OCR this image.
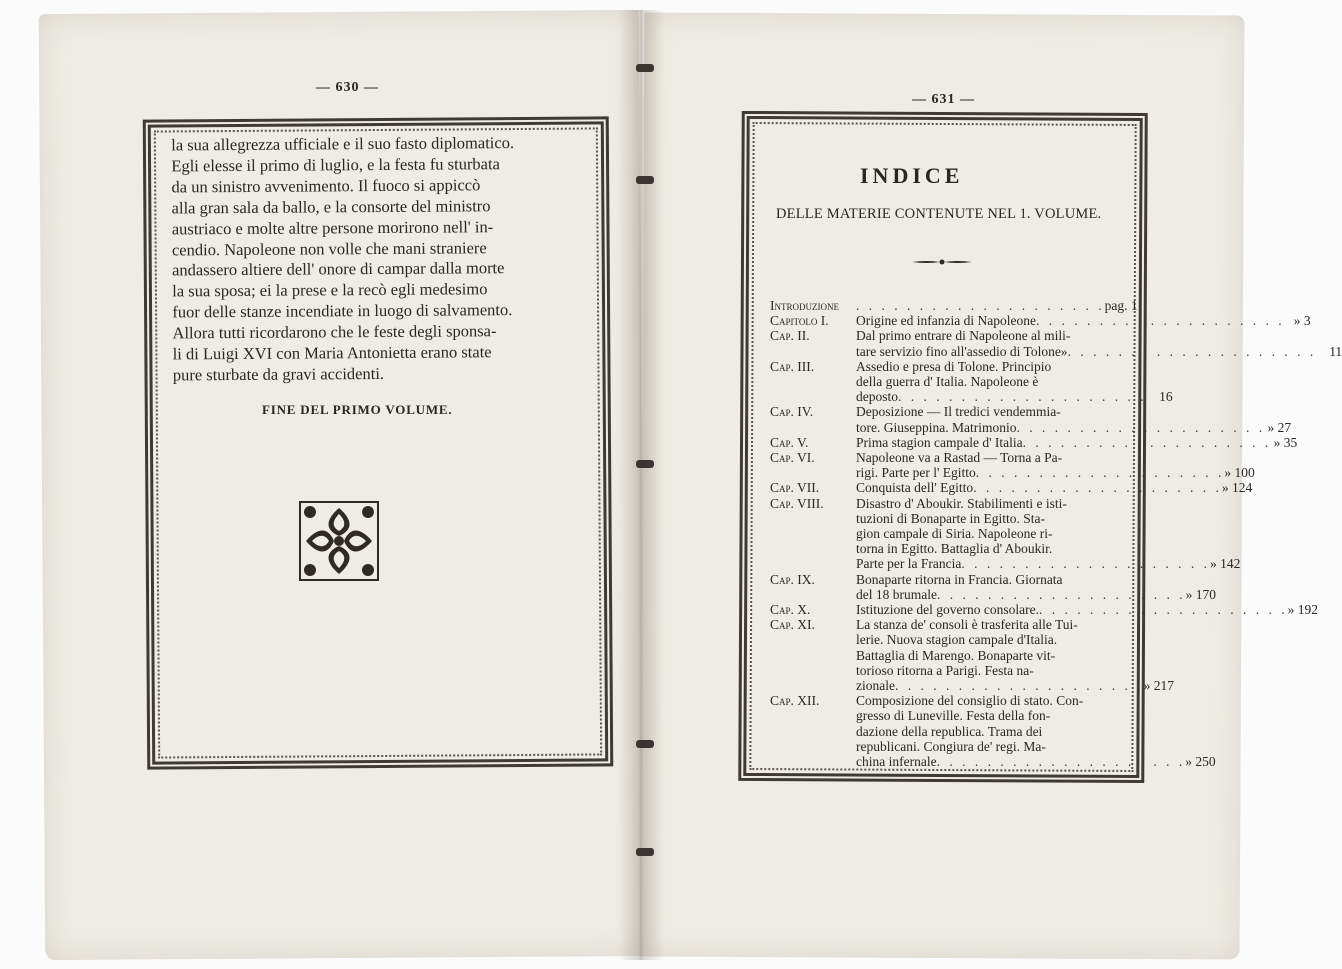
— 630 —
la sua allegrezza ufficiale e il suo fasto diplomatico.
Egli elesse il primo di luglio, e la festa fu sturbata
da un sinistro avvenimento. Il fuoco si appiccò
alla gran sala da ballo, e la consorte del ministro
austriaco e molte altre persone morirono nell' in-
cendio. Napoleone non volle che mani straniere
andassero altiere dell' onore di campar dalla morte
la sua sposa; ei la prese e la recò egli medesimo
fuor delle stanze incendiate in luogo di salvamento.
Allora tutti ricordarono che le feste degli sponsa-
li di Luigi XVI con Maria Antonietta erano state
pure sturbate da gravi accidenti.
FINE DEL PRIMO VOLUME.
— 631 —
INDICE
DELLE MATERIE CONTENUTE NEL 1. VOLUME.
Introduzione	. . . . . . . . . . . . . . . . . . . . pag. 1
Capitolo I.	Origine ed infanzia di Napoleone . . . . . . . . . . . . . . . . . . . . » 3
Cap. II.	Dal primo entrare di Napoleone al mili-
tare servizio fino all'assedio di Tolone» . . . . . . . . . . . . . . . . . . . . 11
Cap. III.	Assedio e presa di Tolone. Principio
della guerra d' Italia. Napoleone è
deposto . . . . . . . . . . . . . . . . . . . . 16
Cap. IV.	Deposizione — Il tredici vendemmia-
tore. Giuseppina. Matrimonio . . . . . . . . . . . . . . . . . . . . » 27
Cap. V.	Prima stagion campale d' Italia . . . . . . . . . . . . . . . . . . . . » 35
Cap. VI.	Napoleone va a Rastad — Torna a Pa-
rigi. Parte per l' Egitto . . . . . . . . . . . . . . . . . . . . » 100
Cap. VII.	Conquista dell' Egitto . . . . . . . . . . . . . . . . . . . . » 124
Cap. VIII.	Disastro d' Aboukir. Stabilimenti e isti-
tuzioni di Bonaparte in Egitto. Sta-
gion campale di Siria. Napoleone ri-
torna in Egitto. Battaglia d' Aboukir.
Parte per la Francia . . . . . . . . . . . . . . . . . . . . » 142
Cap. IX.	Bonaparte ritorna in Francia. Giornata
del 18 brumale . . . . . . . . . . . . . . . . . . . . » 170
Cap. X.	Istituzione del governo consolare. . . . . . . . . . . . . . . . . . . . . » 192
Cap. XI.	La stanza de' consoli è trasferita alle Tui-
lerie. Nuova stagion campale d'Italia.
Battaglia di Marengo. Bonaparte vit-
torioso ritorna a Parigi. Festa na-
zionale . . . . . . . . . . . . . . . . . . . . » 217
Cap. XII.	Composizione del consiglio di stato. Con-
gresso di Luneville. Festa della fon-
dazione della republica. Trama dei
republicani. Congiura de' regi. Ma-
china infernale . . . . . . . . . . . . . . . . . . . . » 250
